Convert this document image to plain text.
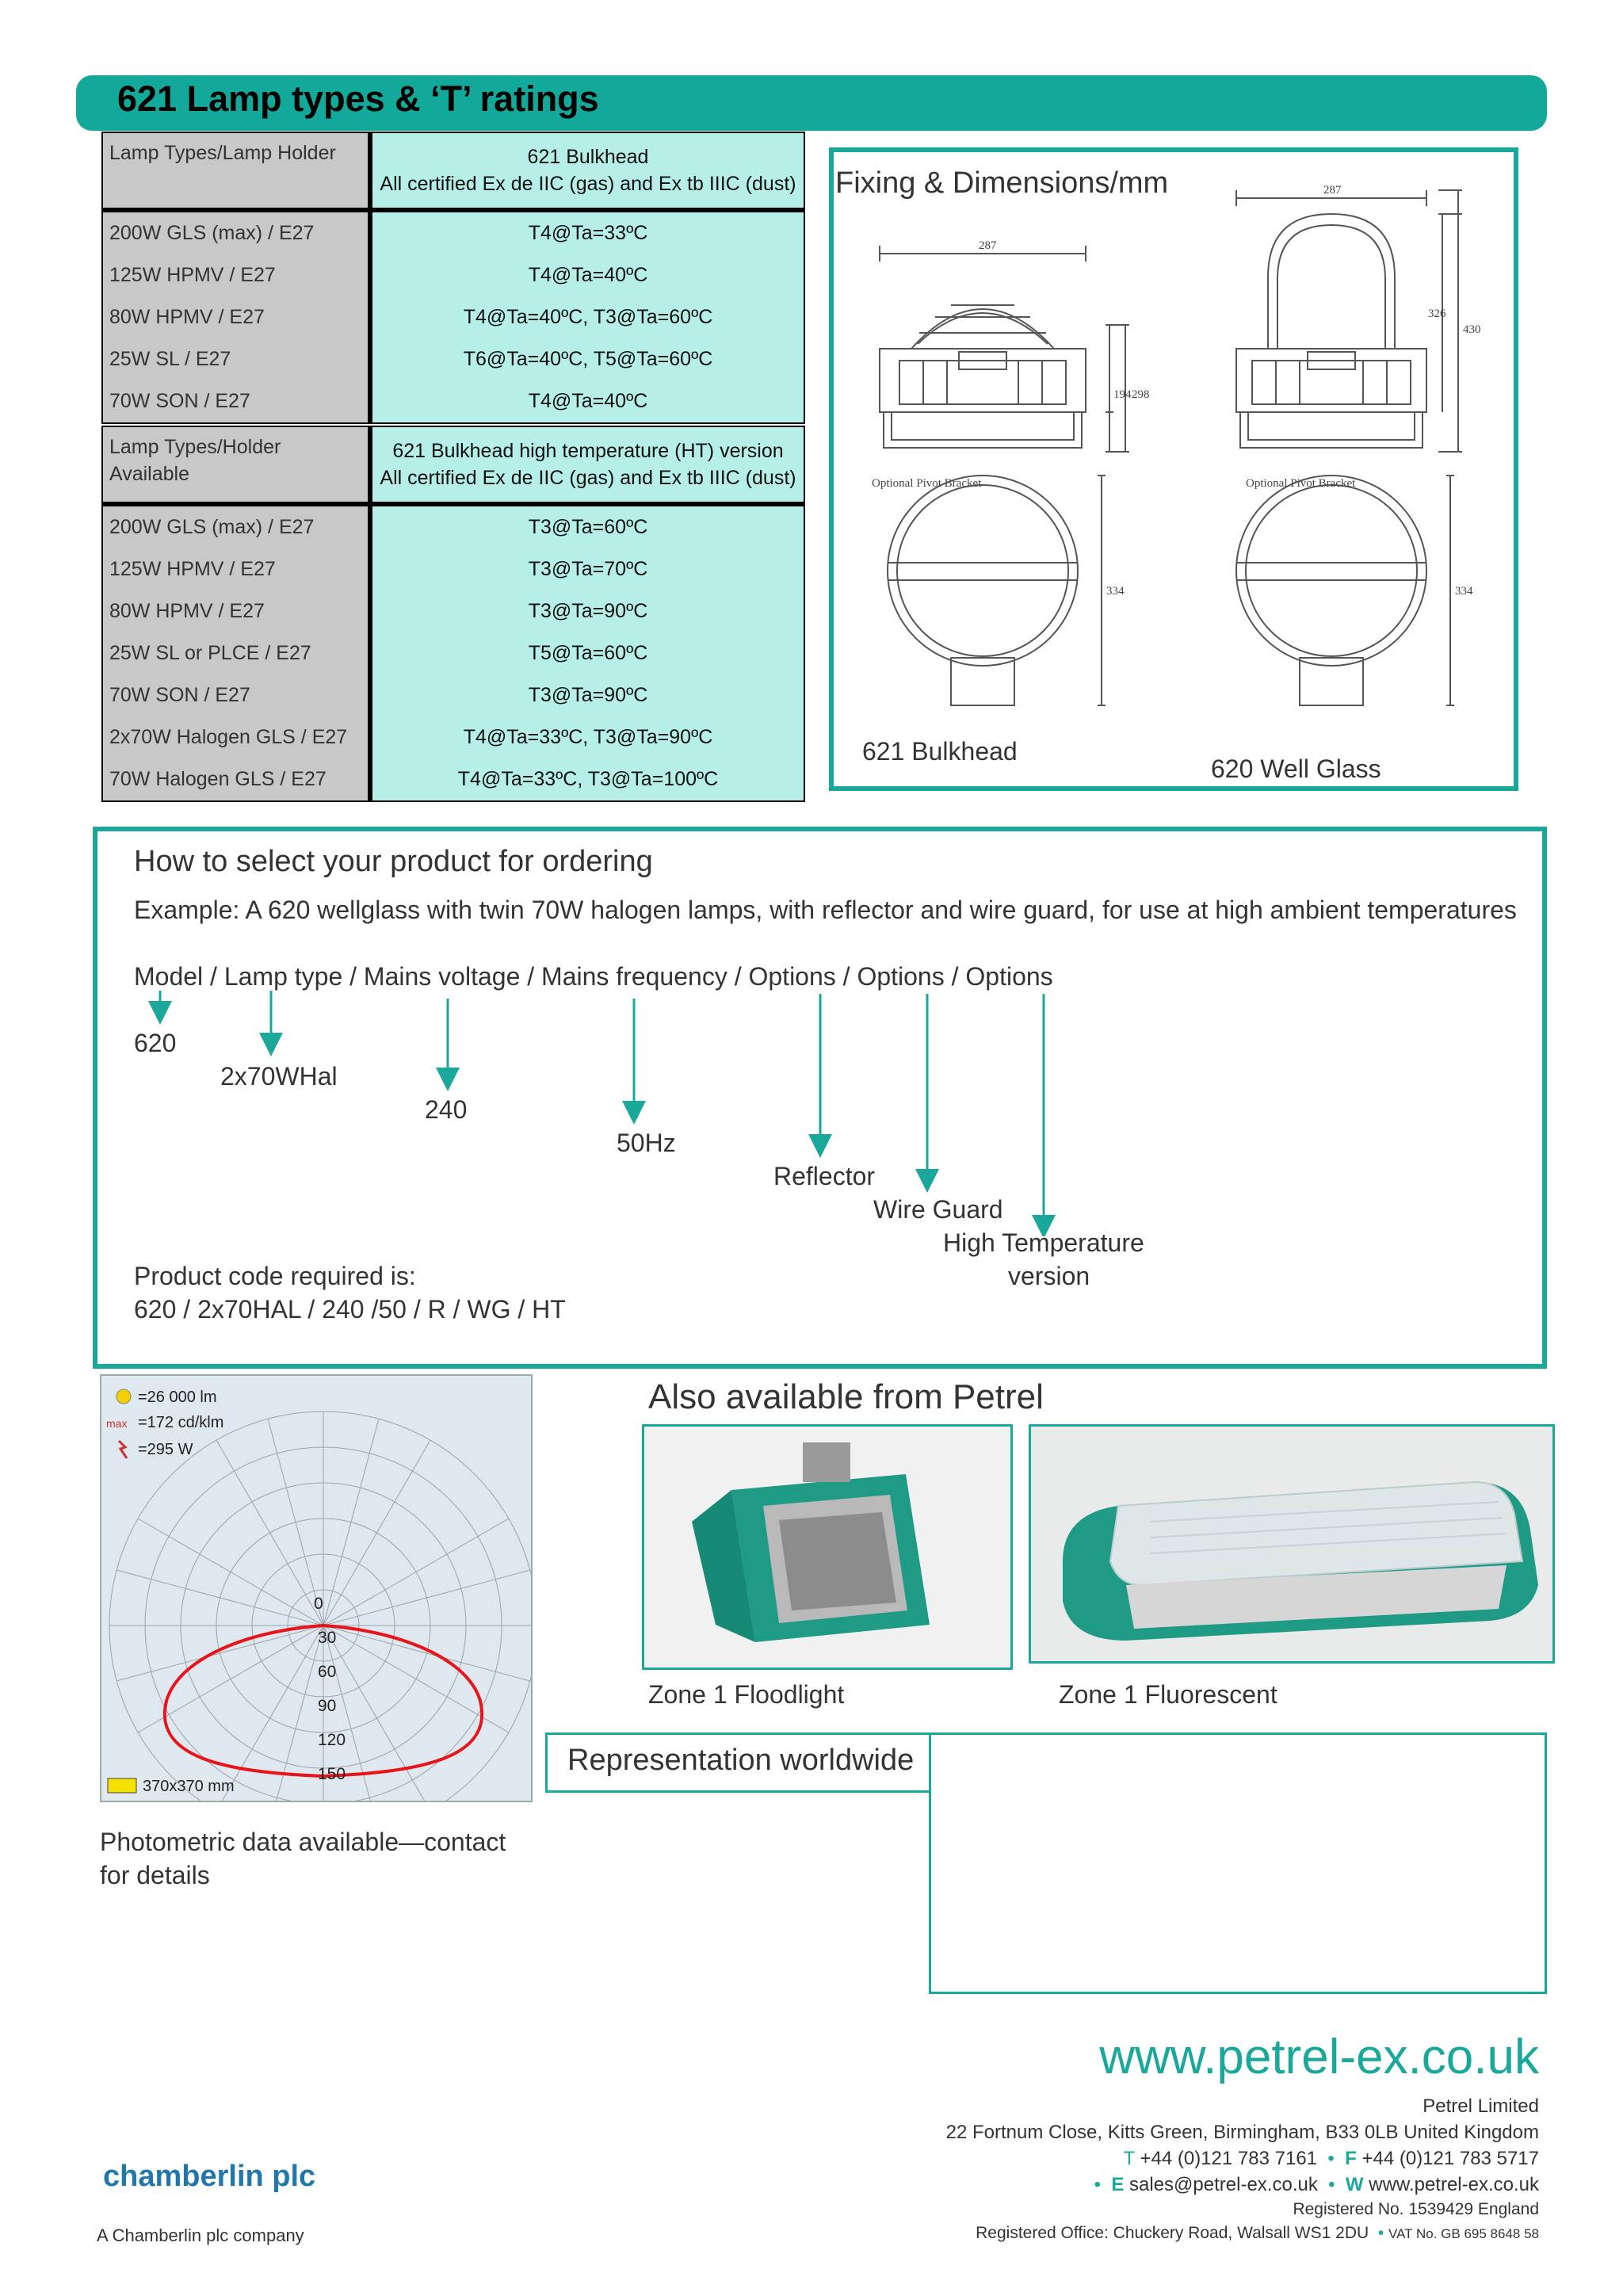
621 Lamp types & ‘T’ ratings
Lamp Types/Lamp Holder	621 Bulkhead
All certified Ex de IIC (gas) and Ex tb IIIC (dust)

200W GLS (max) / E27	T4@Ta=33ºC
125W HPMV / E27	T4@Ta=40ºC
80W HPMV / E27	T4@Ta=40ºC, T3@Ta=60ºC
25W SL / E27	T6@Ta=40ºC, T5@Ta=60ºC
70W SON / E27	T4@Ta=40ºC
Lamp Types/Holder Available	621 Bulkhead high temperature (HT) version
All certified Ex de IIC (gas) and Ex tb IIIC (dust)

200W GLS (max) / E27	T3@Ta=60ºC
125W HPMV / E27	T3@Ta=70ºC
80W HPMV / E27	T3@Ta=90ºC
25W SL or PLCE / E27	T5@Ta=60ºC
70W SON / E27	T3@Ta=90ºC
2x70W Halogen GLS / E27	T4@Ta=33ºC, T3@Ta=90ºC
70W Halogen GLS / E27	T4@Ta=33ºC, T3@Ta=100ºC
Fixing & Dimensions/mm
Optional Pivot Bracket	Optional Pivot Bracket
287
194 298
287
326
430
334	334
621 Bulkhead
620 Well Glass
How to select your product for ordering
Example: A 620 wellglass with twin 70W halogen lamps, with reflector and wire guard, for use at high ambient temperatures
Model / Lamp type / Mains voltage / Mains frequency / Options / Options / Options
620
2x70WHal
240
50Hz
Reflector
Wire Guard
High Temperature
version
Product code required is:
620 / 2x70HAL / 240 /50 / R / WG / HT
0
30
60
90
120
150
=26 000 lm
max =172 cd/klm
=295 W
370x370 mm
Photometric data available—contact
for details
Also available from Petrel
Zone 1 Floodlight	Zone 1 Fluorescent
Representation worldwide
www.petrel-ex.co.uk
Petrel Limited
22 Fortnum Close, Kitts Green, Birmingham, B33 0LB United Kingdom
T +44 (0)121 783 7161  •  F +44 (0)121 783 5717
•  E sales@petrel-ex.co.uk  •  W www.petrel-ex.co.uk
Registered No. 1539429 England
Registered Office: Chuckery Road, Walsall WS1 2DU  • VAT No. GB 695 8648 58
chamberlin plc
A Chamberlin plc company
